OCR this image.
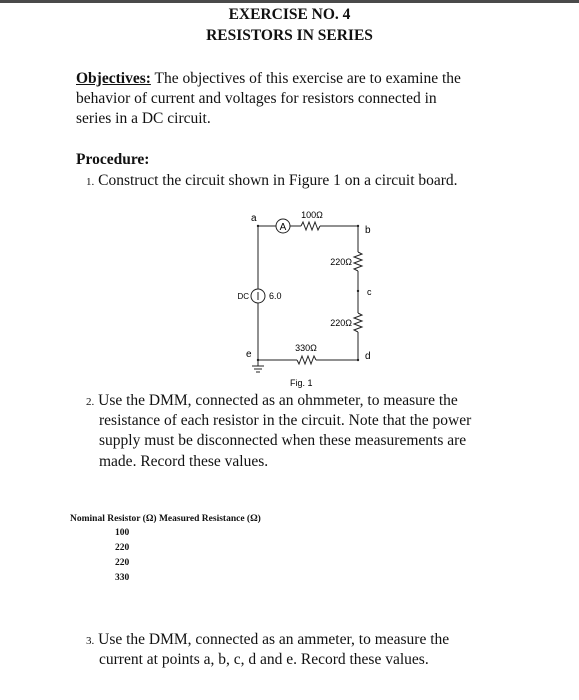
EXERCISE NO. 4
RESISTORS IN SERIES
Objectives: The objectives of this exercise are to examine the
behavior of current and voltages for resistors connected in
series in a DC circuit.
Procedure:
1. Construct the circuit shown in Figure 1 on a circuit board.
A
a
b
c
d
e
100Ω
220Ω
220Ω
330Ω
DC 6.0
Fig. 1
2. Use the DMM, connected as an ohmmeter, to measure the
resistance of each resistor in the circuit. Note that the power
supply must be disconnected when these measurements are
made. Record these values.
Nominal Resistor (Ω) Measured Resistance (Ω)
100
220
220
330
3. Use the DMM, connected as an ammeter, to measure the
current at points a, b, c, d and e. Record these values.
